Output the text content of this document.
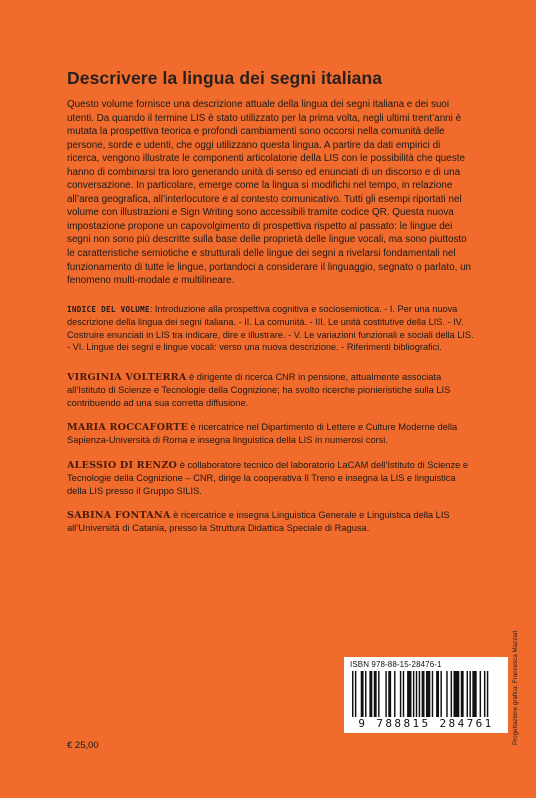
Descrivere la lingua dei segni italiana

Questo volume fornisce una descrizione attuale della lingua dei segni italiana e dei suoi utenti. Da quando il termine LIS è stato utilizzato per la prima volta, negli ultimi trent’anni è mutata la prospettiva teorica e profondi cambiamenti sono occorsi nella comunità delle persone, sorde e udenti, che oggi utilizzano questa lingua. A partire da dati empirici di ricerca, vengono illustrate le componenti articolatorie della LIS con le possibilità che queste hanno di combinarsi tra loro generando unità di senso ed enunciati di un discorso e di una conversazione. In particolare, emerge come la lingua si modifichi nel tempo, in relazione all’area geografica, all’interlocutore e al contesto comunicativo. Tutti gli esempi riportati nel volume con illustrazioni e Sign Writing sono accessibili tramite codice QR. Questa nuova impostazione propone un capovolgimento di prospettiva rispetto al passato: le lingue dei segni non sono più descritte sulla base delle proprietà delle lingue vocali, ma sono piuttosto le caratteristiche semiotiche e strutturali delle lingue dei segni a rivelarsi fondamentali nel funzionamento di tutte le lingue, portandoci a considerare il linguaggio, segnato o parlato, un fenomeno multi-modale e multilineare.

INDICE DEL VOLUME: Introduzione alla prospettiva cognitiva e sociosemiotica. - I. Per una nuova descrizione della lingua dei segni italiana. - II. La comunità. - III. Le unità costitutive della LIS. - IV. Costruire enunciati in LIS tra indicare, dire e illustrare. - V. Le variazioni funzionali e sociali della LIS. - VI. Lingue dei segni e lingue vocali: verso una nuova descrizione. - Riferimenti bibliografici.

VIRGINIA VOLTERRA è dirigente di ricerca CNR in pensione, attualmente associata all’Istituto di Scienze e Tecnologie della Cognizione; ha svolto ricerche pionieristiche sulla LIS contribuendo ad una sua corretta diffusione.

MARIA ROCCAFORTE è ricercatrice nel Dipartimento di Lettere e Culture Moderne della Sapienza-Università di Roma e insegna linguistica della LIS in numerosi corsi.

ALESSIO DI RENZO è collaboratore tecnico del laboratorio LaCAM dell’Istituto di Scienze e Tecnologie della Cognizione – CNR, dirige la cooperativa Il Treno e insegna la LIS e linguistica della LIS presso il Gruppo SILIS.

SABINA FONTANA è ricercatrice e insegna Linguistica Generale e Linguistica della LIS all’Università di Catania, presso la Struttura Didattica Speciale di Ragusa.

ISBN 978-88-15-28476-1
9 788815 284761

€ 25,00

Progettazione grafica: Francesca Mazzari
